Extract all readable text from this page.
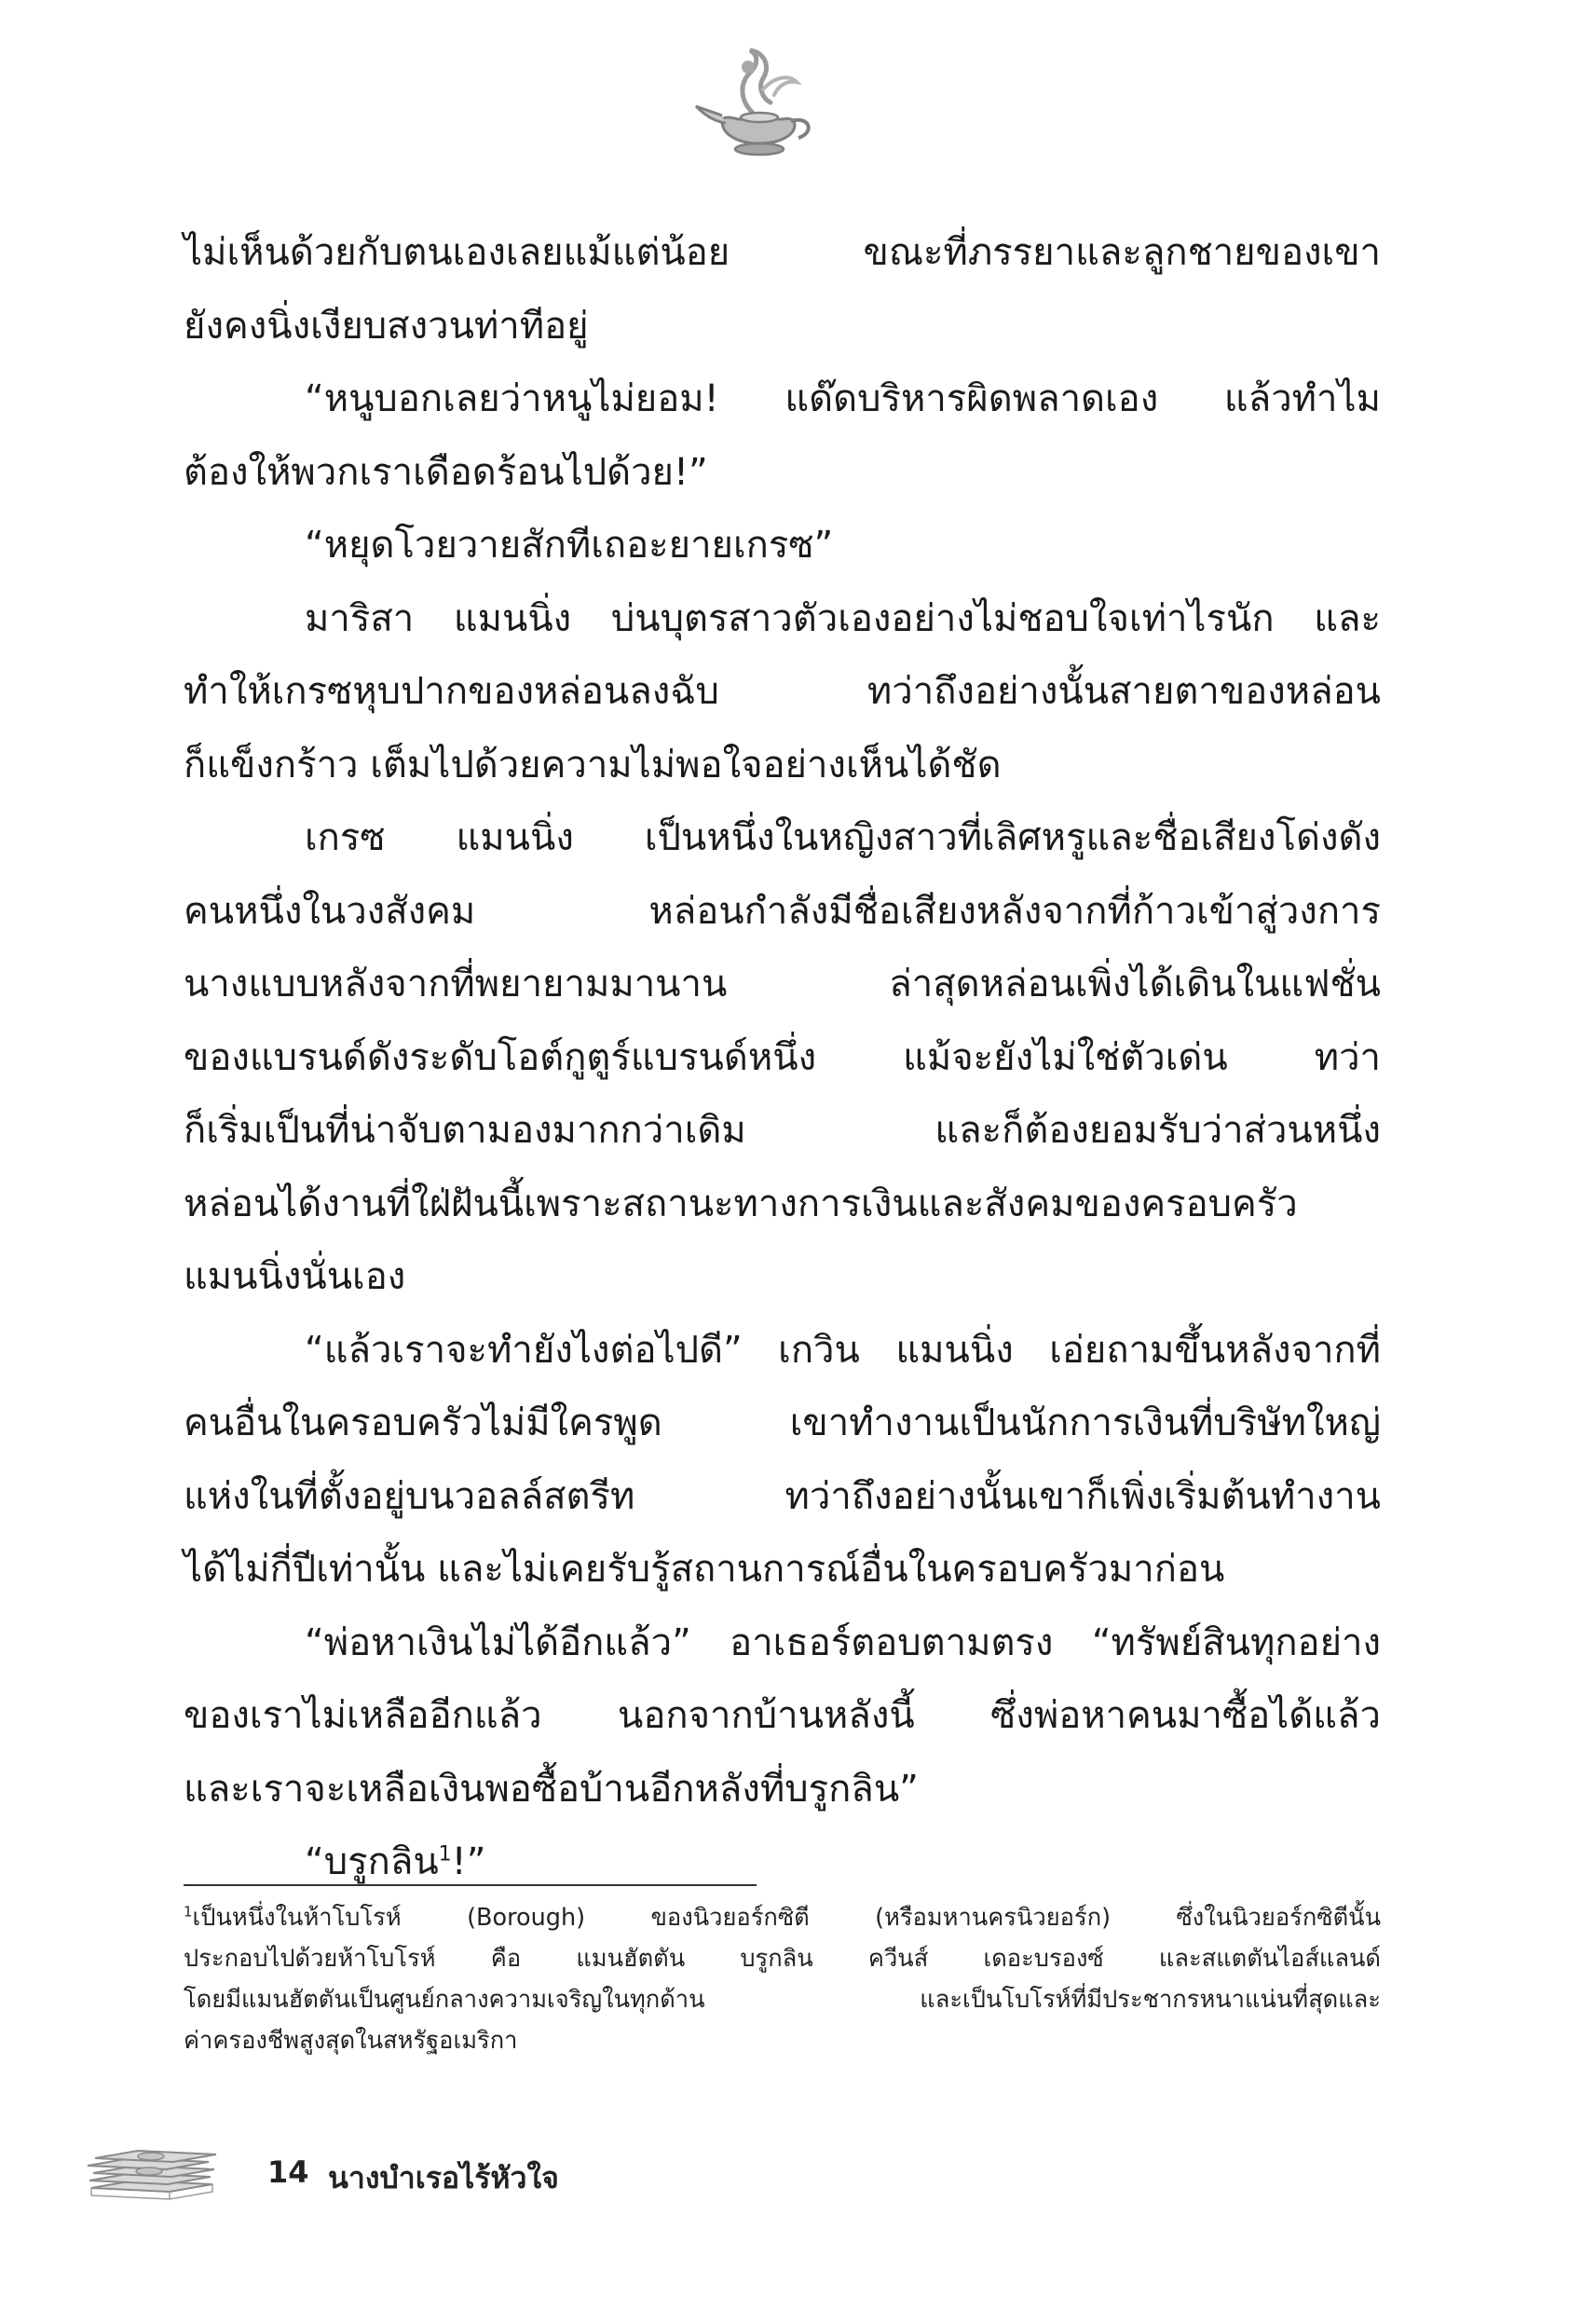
ไม่เห็นด้วยกับตนเองเลยแม้แต่น้อย ขณะที่ภรรยาและลูกชายของเขา
ยังคงนิ่งเงียบสงวนท่าทีอยู่
“หนูบอกเลยว่าหนูไม่ยอม! แด๊ดบริหารผิดพลาดเอง แล้วทำไม
ต้องให้พวกเราเดือดร้อนไปด้วย!”
“หยุดโวยวายสักทีเถอะยายเกรซ”
มาริสา แมนนิ่ง บ่นบุตรสาวตัวเองอย่างไม่ชอบใจเท่าไรนัก และ
ทำให้เกรซหุบปากของหล่อนลงฉับ ทว่าถึงอย่างนั้นสายตาของหล่อน
ก็แข็งกร้าว เต็มไปด้วยความไม่พอใจอย่างเห็นได้ชัด
เกรซ แมนนิ่ง เป็นหนึ่งในหญิงสาวที่เลิศหรูและชื่อเสียงโด่งดัง
คนหนึ่งในวงสังคม หล่อนกำลังมีชื่อเสียงหลังจากที่ก้าวเข้าสู่วงการ
นางแบบหลังจากที่พยายามมานาน ล่าสุดหล่อนเพิ่งได้เดินในแฟชั่น
ของแบรนด์ดังระดับโอต์กูตูร์แบรนด์หนึ่ง แม้จะยังไม่ใช่ตัวเด่น ทว่า
ก็เริ่มเป็นที่น่าจับตามองมากกว่าเดิม และก็ต้องยอมรับว่าส่วนหนึ่ง
หล่อนได้งานที่ใฝ่ฝันนี้เพราะสถานะทางการเงินและสังคมของครอบครัว
แมนนิ่งนั่นเอง
“แล้วเราจะทำยังไงต่อไปดี” เกวิน แมนนิ่ง เอ่ยถามขึ้นหลังจากที่
คนอื่นในครอบครัวไม่มีใครพูด เขาทำงานเป็นนักการเงินที่บริษัทใหญ่
แห่งในที่ตั้งอยู่บนวอลล์สตรีท ทว่าถึงอย่างนั้นเขาก็เพิ่งเริ่มต้นทำงาน
ได้ไม่กี่ปีเท่านั้น และไม่เคยรับรู้สถานการณ์อื่นในครอบครัวมาก่อน
“พ่อหาเงินไม่ได้อีกแล้ว” อาเธอร์ตอบตามตรง “ทรัพย์สินทุกอย่าง
ของเราไม่เหลืออีกแล้ว นอกจากบ้านหลังนี้ ซึ่งพ่อหาคนมาซื้อได้แล้ว
และเราจะเหลือเงินพอซื้อบ้านอีกหลังที่บรูกลิน”
“บรูกลิน$^1$!”
$^1$เป็นหนึ่งในห้าโบโรห์ (Borough) ของนิวยอร์กซิตี (หรือมหานครนิวยอร์ก) ซึ่งในนิวยอร์กซิตีนั้น
ประกอบไปด้วยห้าโบโรห์ คือ แมนฮัตตัน บรูกลิน ควีนส์ เดอะบรองซ์ และสแตตันไอส์แลนด์
โดยมีแมนฮัตตันเป็นศูนย์กลางความเจริญในทุกด้าน และเป็นโบโรห์ที่มีประชากรหนาแน่นที่สุดและ
ค่าครองชีพสูงสุดในสหรัฐอเมริกา
14 นางบำเรอไร้หัวใจ
